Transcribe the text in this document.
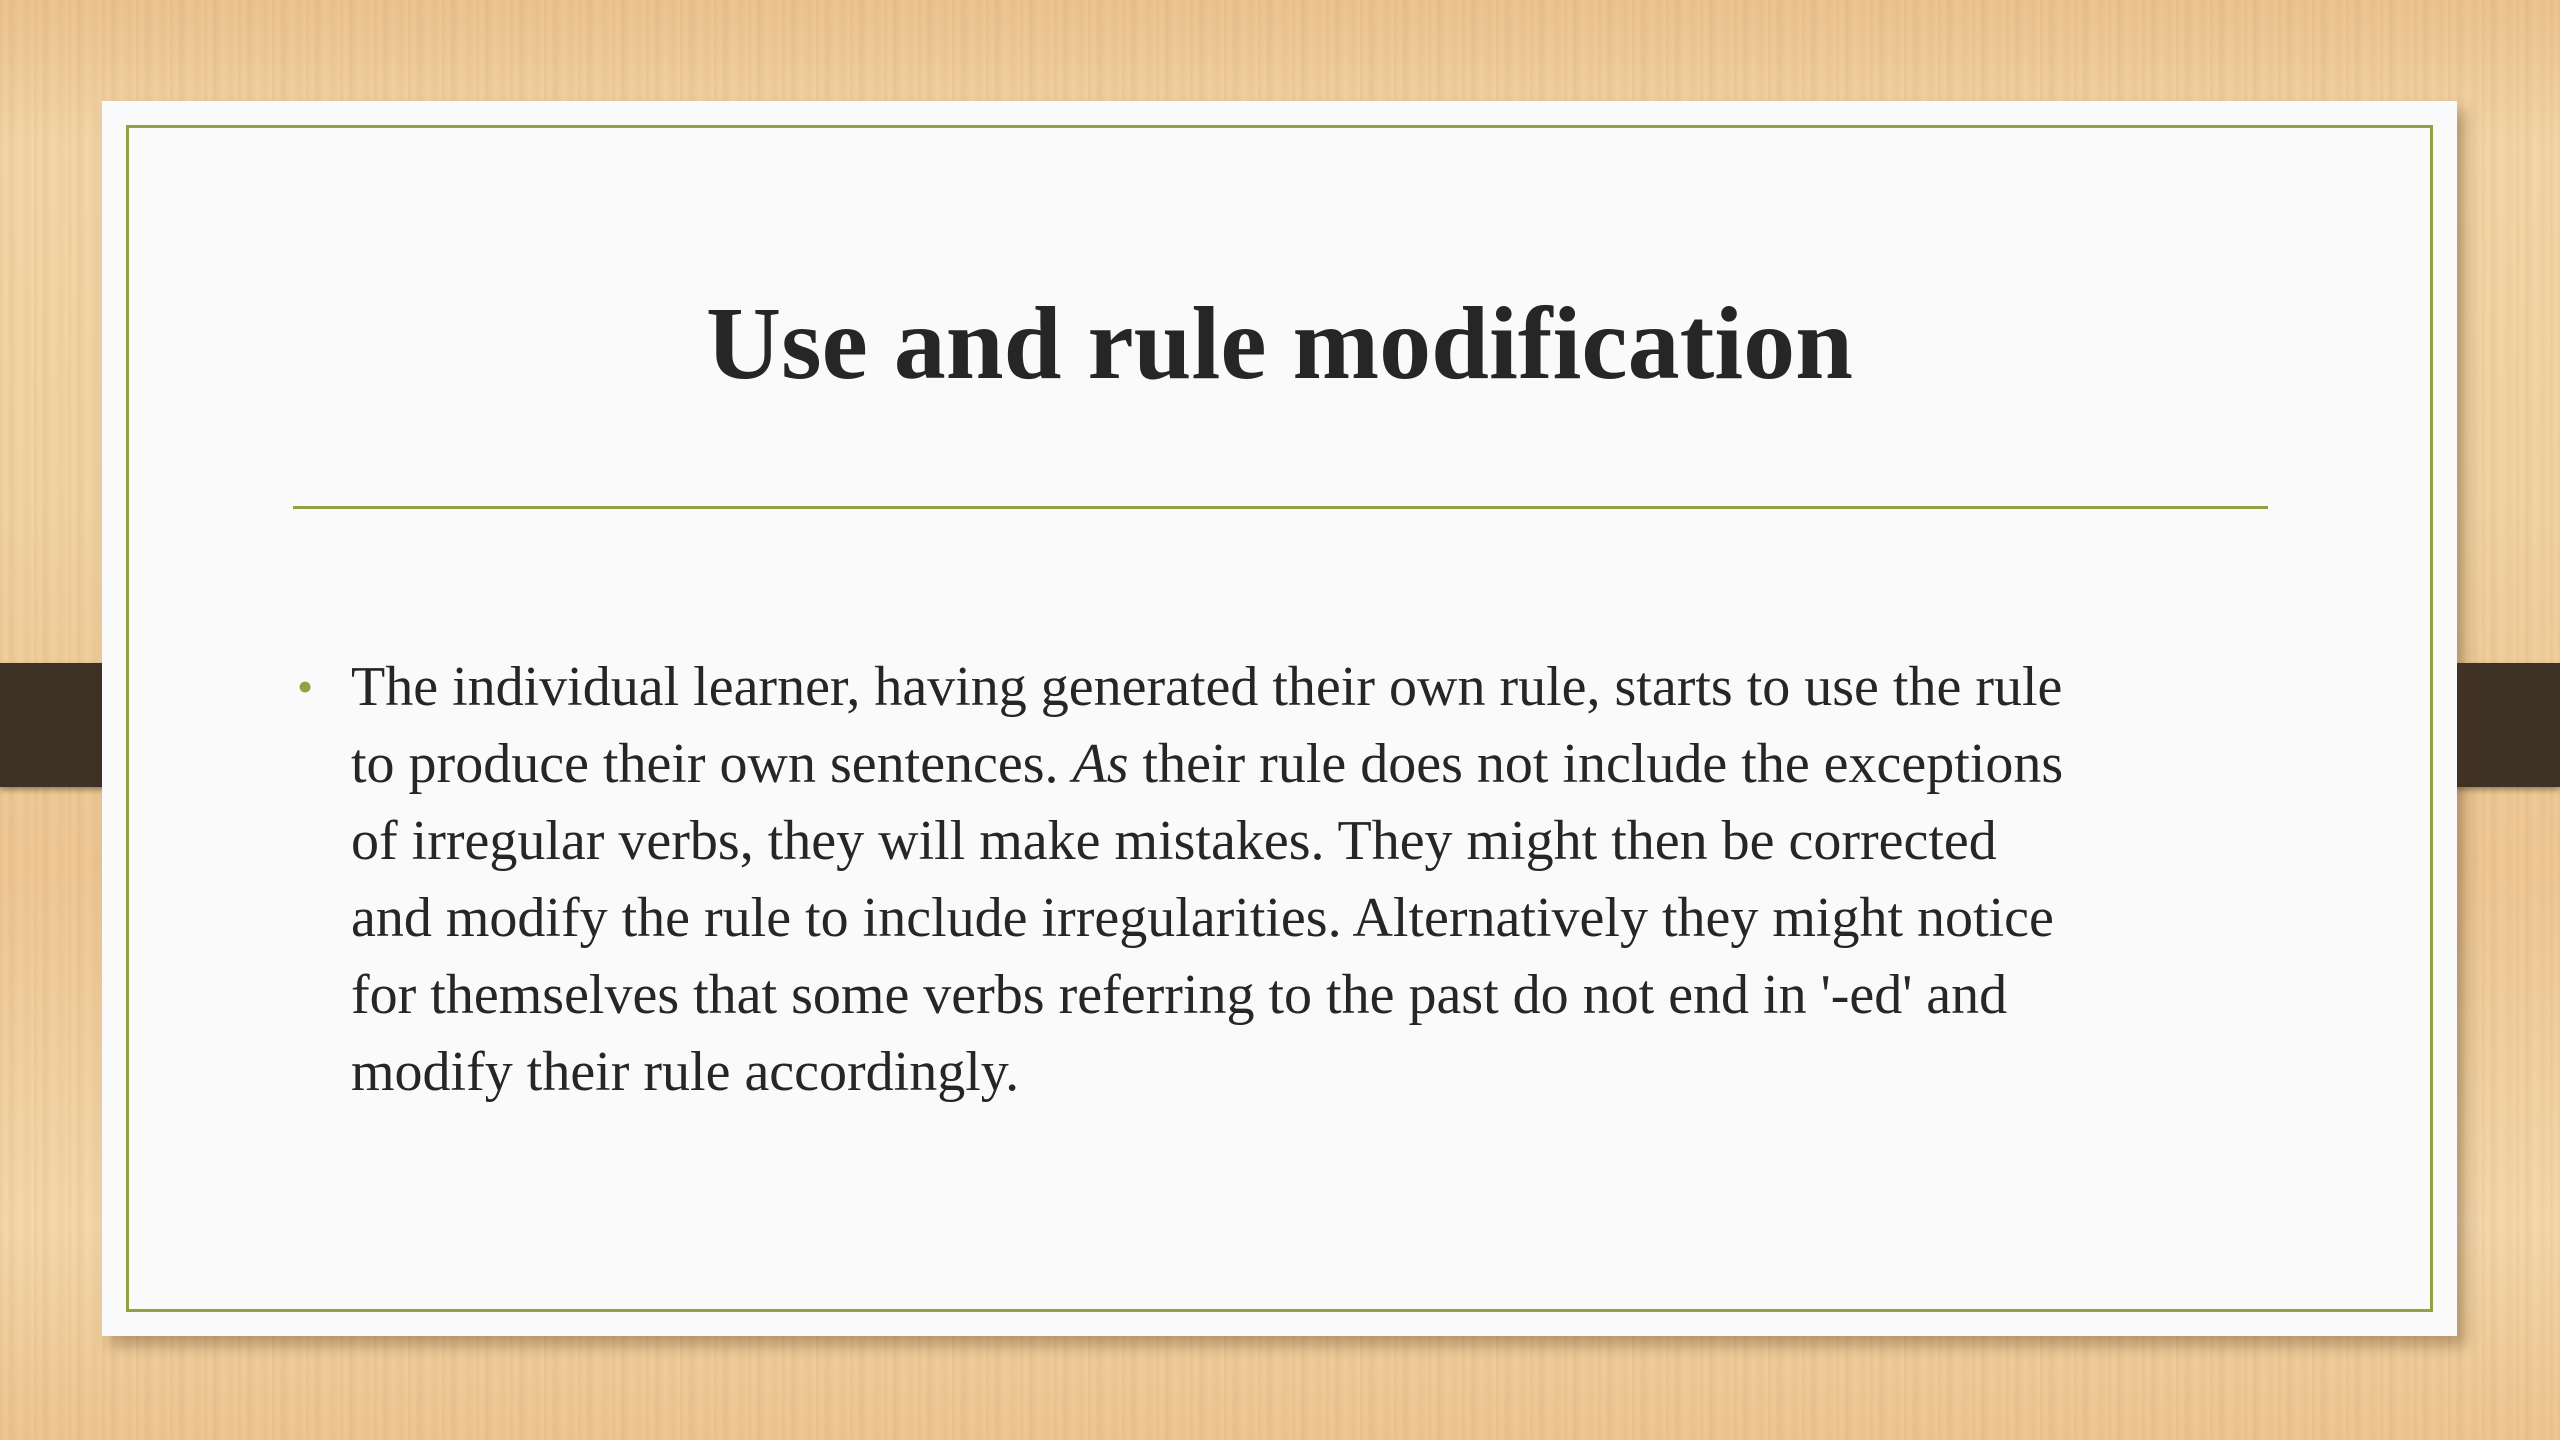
Use and rule modification
• The individual learner, having generated their own rule, starts to use the rule
to produce their own sentences. As their rule does not include the exceptions
of irregular verbs, they will make mistakes. They might then be corrected
and modify the rule to include irregularities. Alternatively they might notice
for themselves that some verbs referring to the past do not end in '-ed' and
modify their rule accordingly.
